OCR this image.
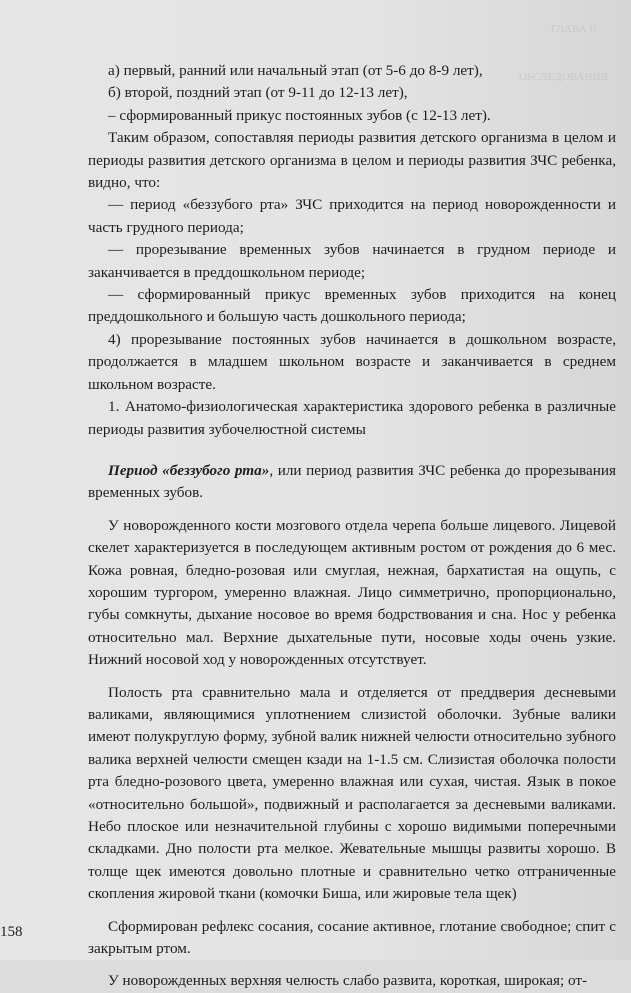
ГЛАВА II
ОБСЛЕДОВАНИЯ

а) первый, ранний или начальный этап (от 5-6 до 8-9 лет),

б) второй, поздний этап (от 9-11 до 12-13 лет),

– сформированный прикус постоянных зубов (с 12-13 лет).

Таким образом, сопоставляя периоды развития детского организма в целом и периоды развития детского организма в целом и периоды развития ЗЧС ребенка, видно, что:

— период «беззубого рта» ЗЧС приходится на период новорожденности и часть грудного периода;

— прорезывание временных зубов начинается в грудном периоде и заканчивается в преддошкольном периоде;

— сформированный прикус временных зубов приходится на конец преддошкольного и большую часть дошкольного периода;

4) прорезывание постоянных зубов начинается в дошкольном возрасте, продолжается в младшем школьном возрасте и заканчивается в среднем школьном возрасте.

1. Анатомо-физиологическая характеристика здорового ребенка в различные периоды развития зубочелюстной системы

Период «беззубого рта», или период развития ЗЧС ребенка до прорезывания временных зубов.

У новорожденного кости мозгового отдела черепа больше лицевого. Лицевой скелет характеризуется в последующем активным ростом от рождения до 6 мес. Кожа ровная, бледно-розовая или смуглая, нежная, бархатистая на ощупь, с хорошим тургором, умеренно влажная. Лицо симметрично, пропорционально, губы сомкнуты, дыхание носовое во время бодрствования и сна. Нос у ребенка относительно мал. Верхние дыхательные пути, носовые ходы очень узкие. Нижний носовой ход у новорожденных отсутствует.

Полость рта сравнительно мала и отделяется от преддверия десневыми валиками, являющимися уплотнением слизистой оболочки. Зубные валики имеют полукруглую форму, зубной валик нижней челюсти относительно зубного валика верхней челюсти смещен кзади на 1-1.5 см. Слизистая оболочка полости рта бледно-розового цвета, умеренно влажная или сухая, чистая. Язык в покое «относительно большой», подвижный и располагается за десневыми валиками. Небо плоское или незначительной глубины с хорошо видимыми поперечными складками. Дно полости рта мелкое. Жевательные мышцы развиты хорошо. В толще щек имеются довольно плотные и сравнительно четко отграниченные скопления жировой ткани (комочки Биша, или жировые тела щек)

Сформирован рефлекс сосания, сосание активное, глотание свободное; спит с закрытым ртом.

У новорожденных верхняя челюсть слабо развита, короткая, широкая; от-

158
